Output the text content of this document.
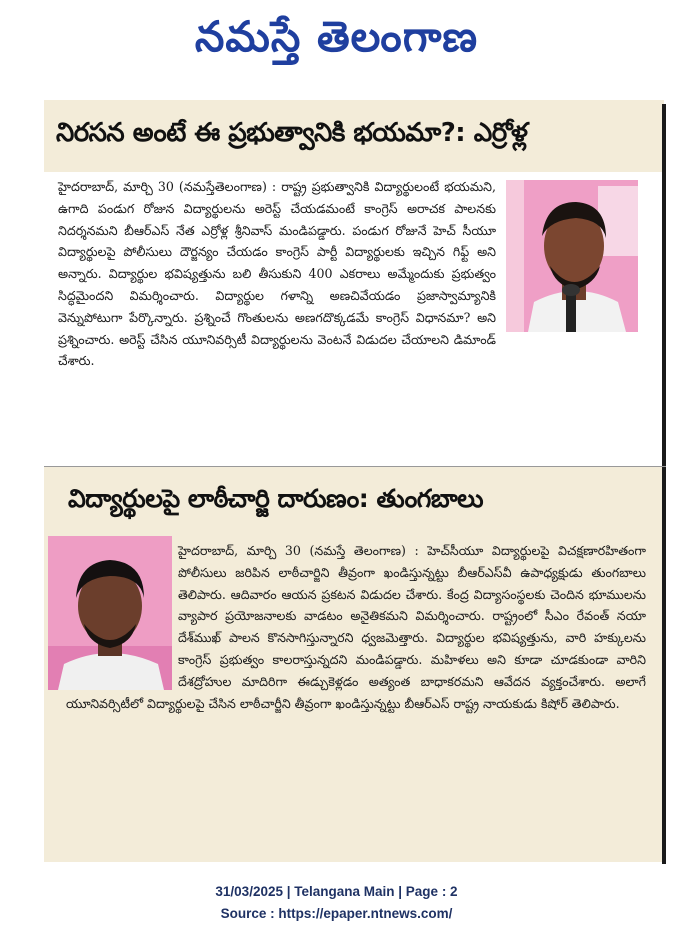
నమస్తే తెలంగాణ
నిరసన అంటే ఈ ప్రభుత్వానికి భయమా?: ఎర్రోళ్ల

హైదరాబాద్, మార్చి 30 (నమస్తేతెలంగాణ) : రాష్ట్ర ప్రభుత్వానికి విద్యార్థులంటే భయమని, ఉగాది పండుగ రోజున విద్యార్థులను అరెస్ట్ చేయడమంటే కాంగ్రెస్ అరాచక పాలనకు నిదర్శనమని బీఆర్ఎస్ నేత ఎర్రోళ్ల శ్రీనివాస్ మండిపడ్డారు. పండుగ రోజునే హెచ్ సీయూ విద్యార్థులపై పోలీసులు దౌర్జన్యం చేయడం కాంగ్రెస్ పార్టీ విద్యార్థులకు ఇచ్చిన గిఫ్ట్ అని అన్నారు. విద్యార్థుల భవిష్యత్తును బలి తీసుకుని 400 ఎకరాలు అమ్మేందుకు ప్రభుత్వం సిద్ధమైందని విమర్శించారు. విద్యార్థుల గళాన్ని అణచివేయడం ప్రజాస్వామ్యానికి వెన్నుపోటుగా పేర్కొన్నారు. ప్రశ్నించే గొంతులను అణగదొక్కడమే కాంగ్రెస్ విధానమా? అని ప్రశ్నించారు. అరెస్ట్ చేసిన యూనివర్సిటీ విద్యార్థులను వెంటనే విడుదల చేయాలని డిమాండ్ చేశారు.

విద్యార్థులపై లాఠీచార్జి దారుణం: తుంగబాలు

హైదరాబాద్, మార్చి 30 (నమస్తే తెలంగాణ) : హెచ్‌సీయూ విద్యార్థులపై విచక్షణారహితంగా పోలీసులు జరిపిన లాఠీచార్జిని తీవ్రంగా ఖండిస్తున్నట్టు బీఆర్‌ఎస్‌వీ ఉపాధ్యక్షుడు తుంగబాలు తెలిపారు. ఆదివారం ఆయన ప్రకటన విడుదల చేశారు. కేంద్ర విద్యాసంస్థలకు చెందిన భూములను వ్యాపార ప్రయోజనాలకు వాడటం అనైతికమని విమర్శించారు. రాష్ట్రంలో సీఎం రేవంత్ నయా దేశ్‌ముఖ్ పాలన కొనసాగిస్తున్నారని ధ్వజమెత్తారు. విద్యార్థుల భవిష్యత్తును, వారి హక్కులను కాంగ్రెస్ ప్రభుత్వం కాలరాస్తున్నదని మండిపడ్డారు. మహిళలు అని కూడా చూడకుండా వారిని దేశద్రోహుల మాదిరిగా ఈడ్చుకెళ్లడం అత్యంత బాధాకరమని ఆవేదన వ్యక్తంచేశారు. అలాగే యూనివర్సిటీలో విద్యార్థులపై చేసిన లాఠీచార్జీని తీవ్రంగా ఖండిస్తున్నట్టు బీఆర్ఎస్ రాష్ట్ర నాయకుడు కిషోర్ తెలిపారు.

31/03/2025 | Telangana Main | Page : 2
Source : https://epaper.ntnews.com/
